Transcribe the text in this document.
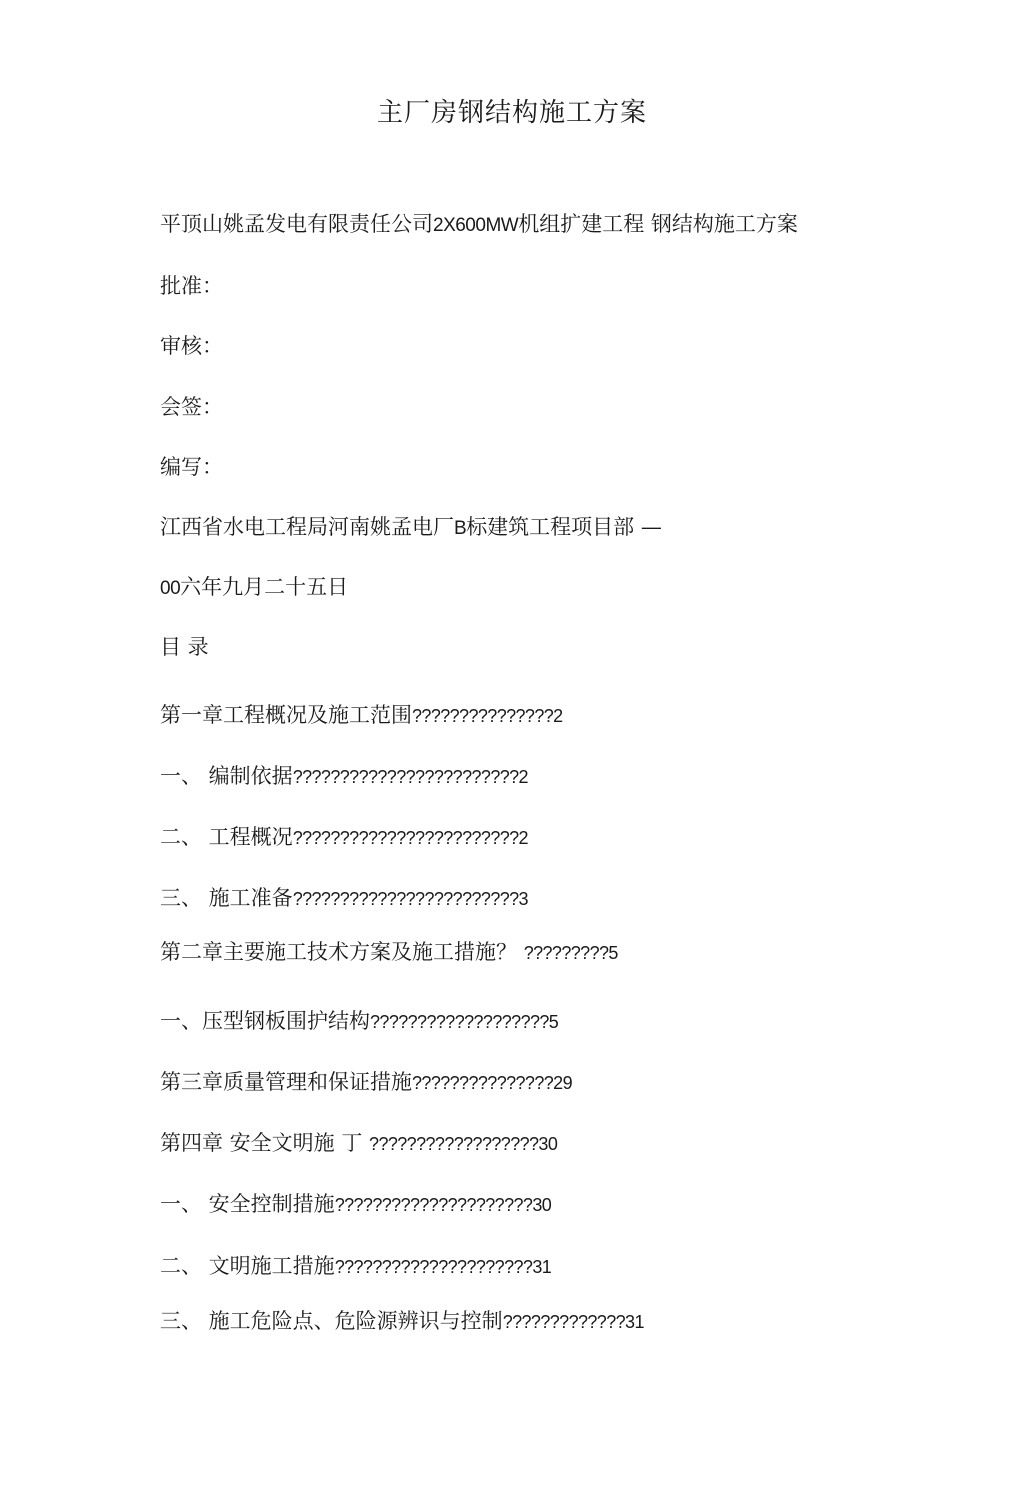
主厂房钢结构施工方案
平顶山姚孟发电有限责任公司2X600MW机组扩建工程 钢结构施工方案
批准：
审核：
会签：
编写：
江西省水电工程局河南姚孟电厂B标建筑工程项目部 —
00六年九月二十五日
目 录
第一章工程概况及施工范围???????????????2
一、 编制依据????????????????????????2
二、 工程概况????????????????????????2
三、 施工准备????????????????????????3
第二章主要施工技术方案及施工措施？ ?????????5
一、压型钢板围护结构???????????????????5
第三章质量管理和保证措施???????????????29
第四章 安全文明施 丁 ??????????????????30
一、 安全控制措施?????????????????????30
二、 文明施工措施?????????????????????31
三、 施工危险点、危险源辨识与控制?????????????31
